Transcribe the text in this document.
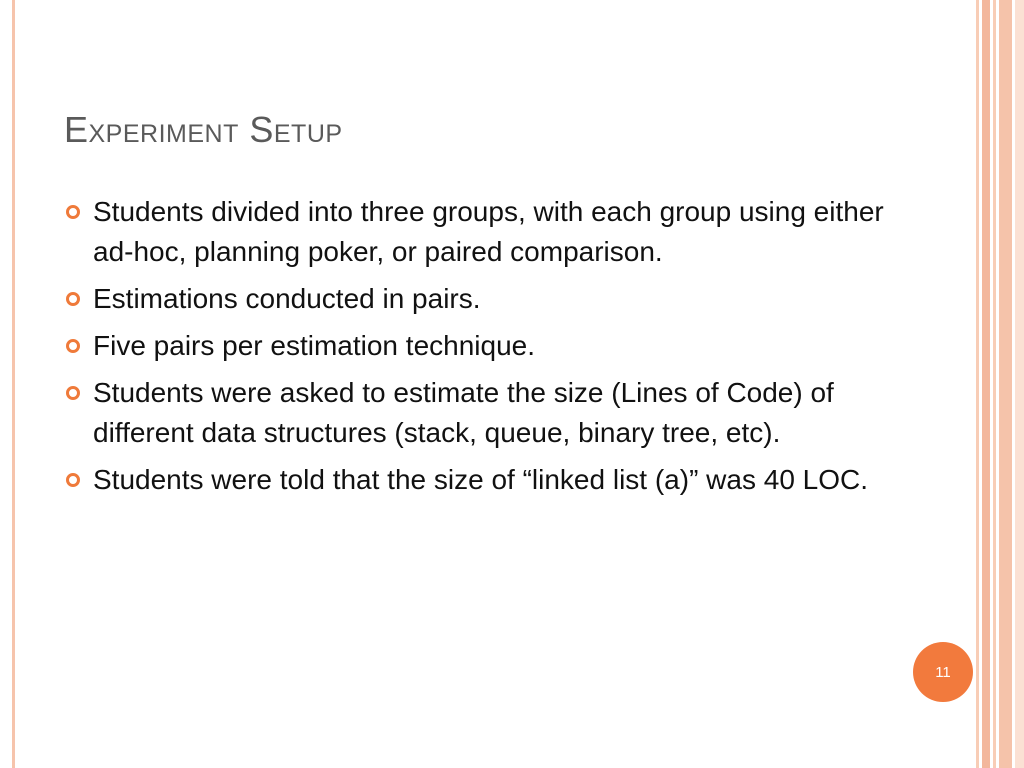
Experiment Setup
Students divided into three groups, with each group using either ad-hoc, planning poker, or paired comparison.
Estimations conducted in pairs.
Five pairs per estimation technique.
Students were asked to estimate the size (Lines of Code) of different data structures (stack, queue, binary tree, etc).
Students were told that the size of “linked list (a)” was 40 LOC.
11
